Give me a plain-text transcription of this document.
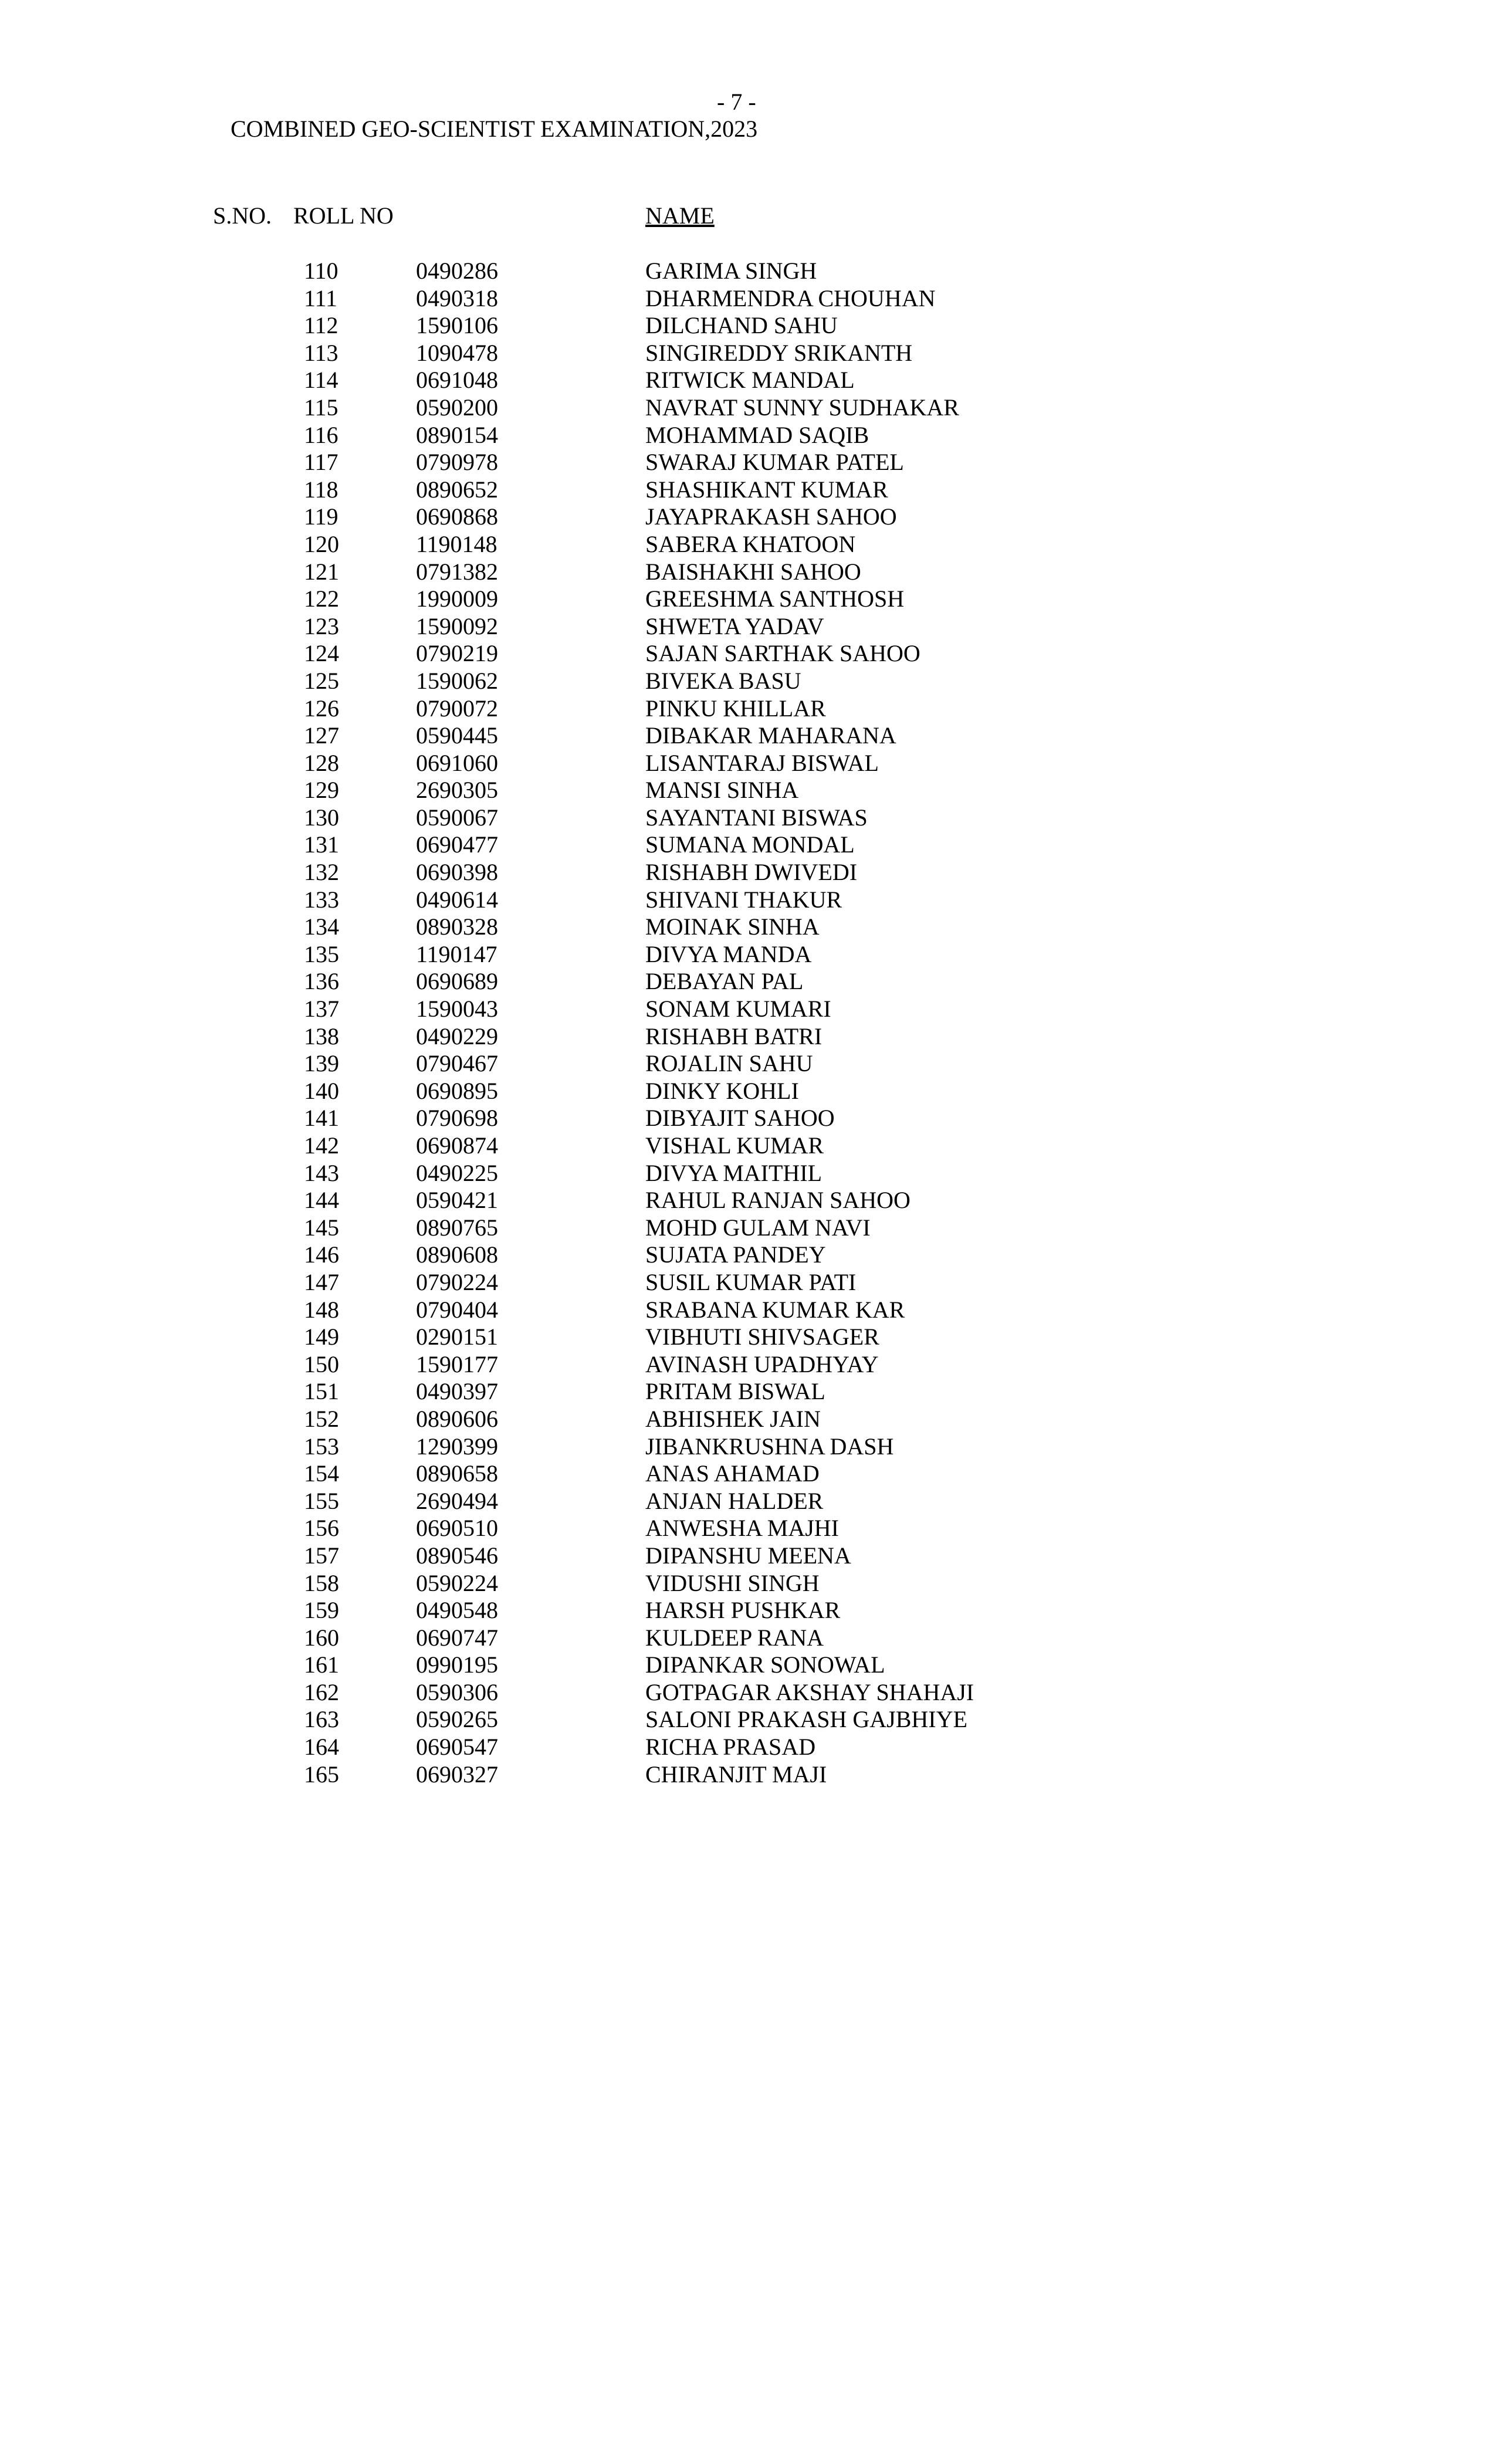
- 7 -
COMBINED GEO-SCIENTIST EXAMINATION,2023
S.NO. ROLL NO	NAME
110	0490286	GARIMA SINGH
111	0490318	DHARMENDRA CHOUHAN
112	1590106	DILCHAND SAHU
113	1090478	SINGIREDDY SRIKANTH
114	0691048	RITWICK MANDAL
115	0590200	NAVRAT SUNNY SUDHAKAR
116	0890154	MOHAMMAD SAQIB
117	0790978	SWARAJ KUMAR PATEL
118	0890652	SHASHIKANT KUMAR
119	0690868	JAYAPRAKASH SAHOO
120	1190148	SABERA KHATOON
121	0791382	BAISHAKHI SAHOO
122	1990009	GREESHMA SANTHOSH
123	1590092	SHWETA YADAV
124	0790219	SAJAN SARTHAK SAHOO
125	1590062	BIVEKA BASU
126	0790072	PINKU KHILLAR
127	0590445	DIBAKAR MAHARANA
128	0691060	LISANTARAJ BISWAL
129	2690305	MANSI SINHA
130	0590067	SAYANTANI BISWAS
131	0690477	SUMANA MONDAL
132	0690398	RISHABH DWIVEDI
133	0490614	SHIVANI THAKUR
134	0890328	MOINAK SINHA
135	1190147	DIVYA MANDA
136	0690689	DEBAYAN PAL
137	1590043	SONAM KUMARI
138	0490229	RISHABH BATRI
139	0790467	ROJALIN SAHU
140	0690895	DINKY KOHLI
141	0790698	DIBYAJIT SAHOO
142	0690874	VISHAL KUMAR
143	0490225	DIVYA MAITHIL
144	0590421	RAHUL RANJAN SAHOO
145	0890765	MOHD GULAM NAVI
146	0890608	SUJATA PANDEY
147	0790224	SUSIL KUMAR PATI
148	0790404	SRABANA KUMAR KAR
149	0290151	VIBHUTI SHIVSAGER
150	1590177	AVINASH UPADHYAY
151	0490397	PRITAM BISWAL
152	0890606	ABHISHEK JAIN
153	1290399	JIBANKRUSHNA DASH
154	0890658	ANAS AHAMAD
155	2690494	ANJAN HALDER
156	0690510	ANWESHA MAJHI
157	0890546	DIPANSHU MEENA
158	0590224	VIDUSHI SINGH
159	0490548	HARSH PUSHKAR
160	0690747	KULDEEP RANA
161	0990195	DIPANKAR SONOWAL
162	0590306	GOTPAGAR AKSHAY SHAHAJI
163	0590265	SALONI PRAKASH GAJBHIYE
164	0690547	RICHA PRASAD
165	0690327	CHIRANJIT MAJI
